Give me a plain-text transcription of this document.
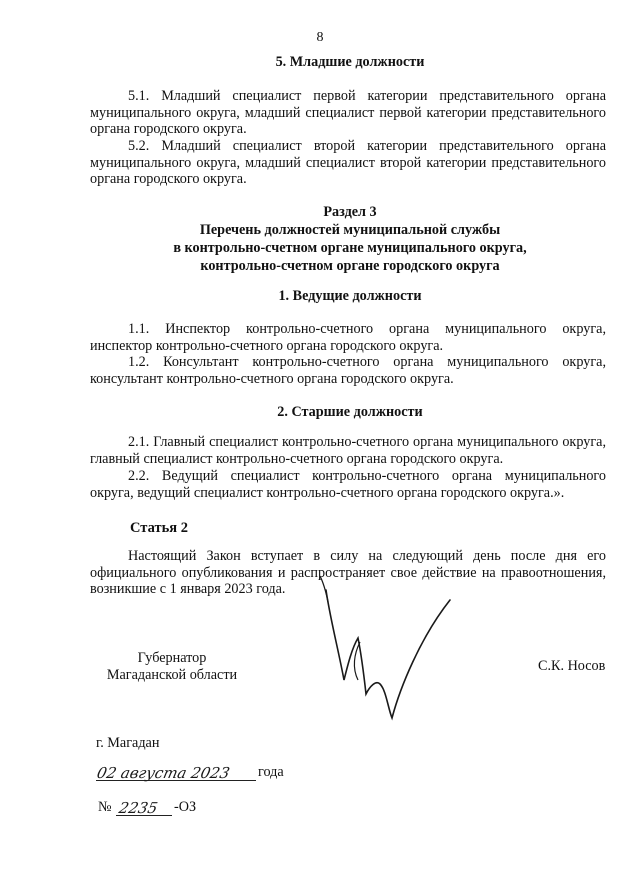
8
5. Младшие должности
5.1. Младший специалист первой категории представительного органа муниципального округа, младший специалист первой категории представительного органа городского округа.
5.2. Младший специалист второй категории представительного органа муниципального округа, младший специалист второй категории представительного органа городского округа.
Раздел 3
Перечень должностей муниципальной службы
в контрольно-счетном органе муниципального округа,
контрольно-счетном органе городского округа
1. Ведущие должности
1.1. Инспектор контрольно-счетного органа муниципального округа, инспектор контрольно-счетного органа городского округа.
1.2. Консультант контрольно-счетного органа муниципального округа, консультант контрольно-счетного органа городского округа.
2. Старшие должности
2.1. Главный специалист контрольно-счетного органа муниципального округа, главный специалист контрольно-счетного органа городского округа.
2.2. Ведущий специалист контрольно-счетного органа муниципального округа, ведущий специалист контрольно-счетного органа городского округа.».
Статья 2
Настоящий Закон вступает в силу на следующий день после дня его официального опубликования и распространяет свое действие на правоотношения, возникшие с 1 января 2023 года.
Губернатор
Магаданской области
С.К. Носов
г. Магадан
02 августа 2023 года
№ 2235 -ОЗ
